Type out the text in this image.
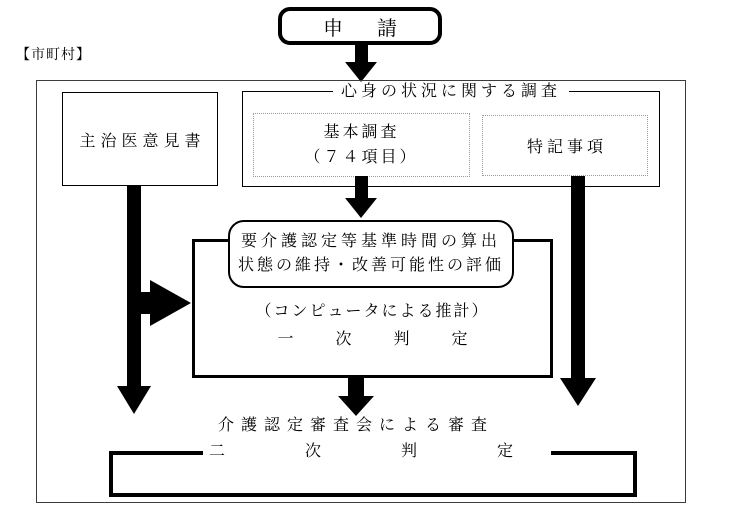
申　請
【市町村】
主治医意見書
心身の状況に関する調査
基本調査
（７４項目）
特記事項
要介護認定等基準時間の算出
状態の維持・改善可能性の評価
（コンピュータによる推計）
一　次　判　定
介護認定審査会による審査
二　次　判　定
